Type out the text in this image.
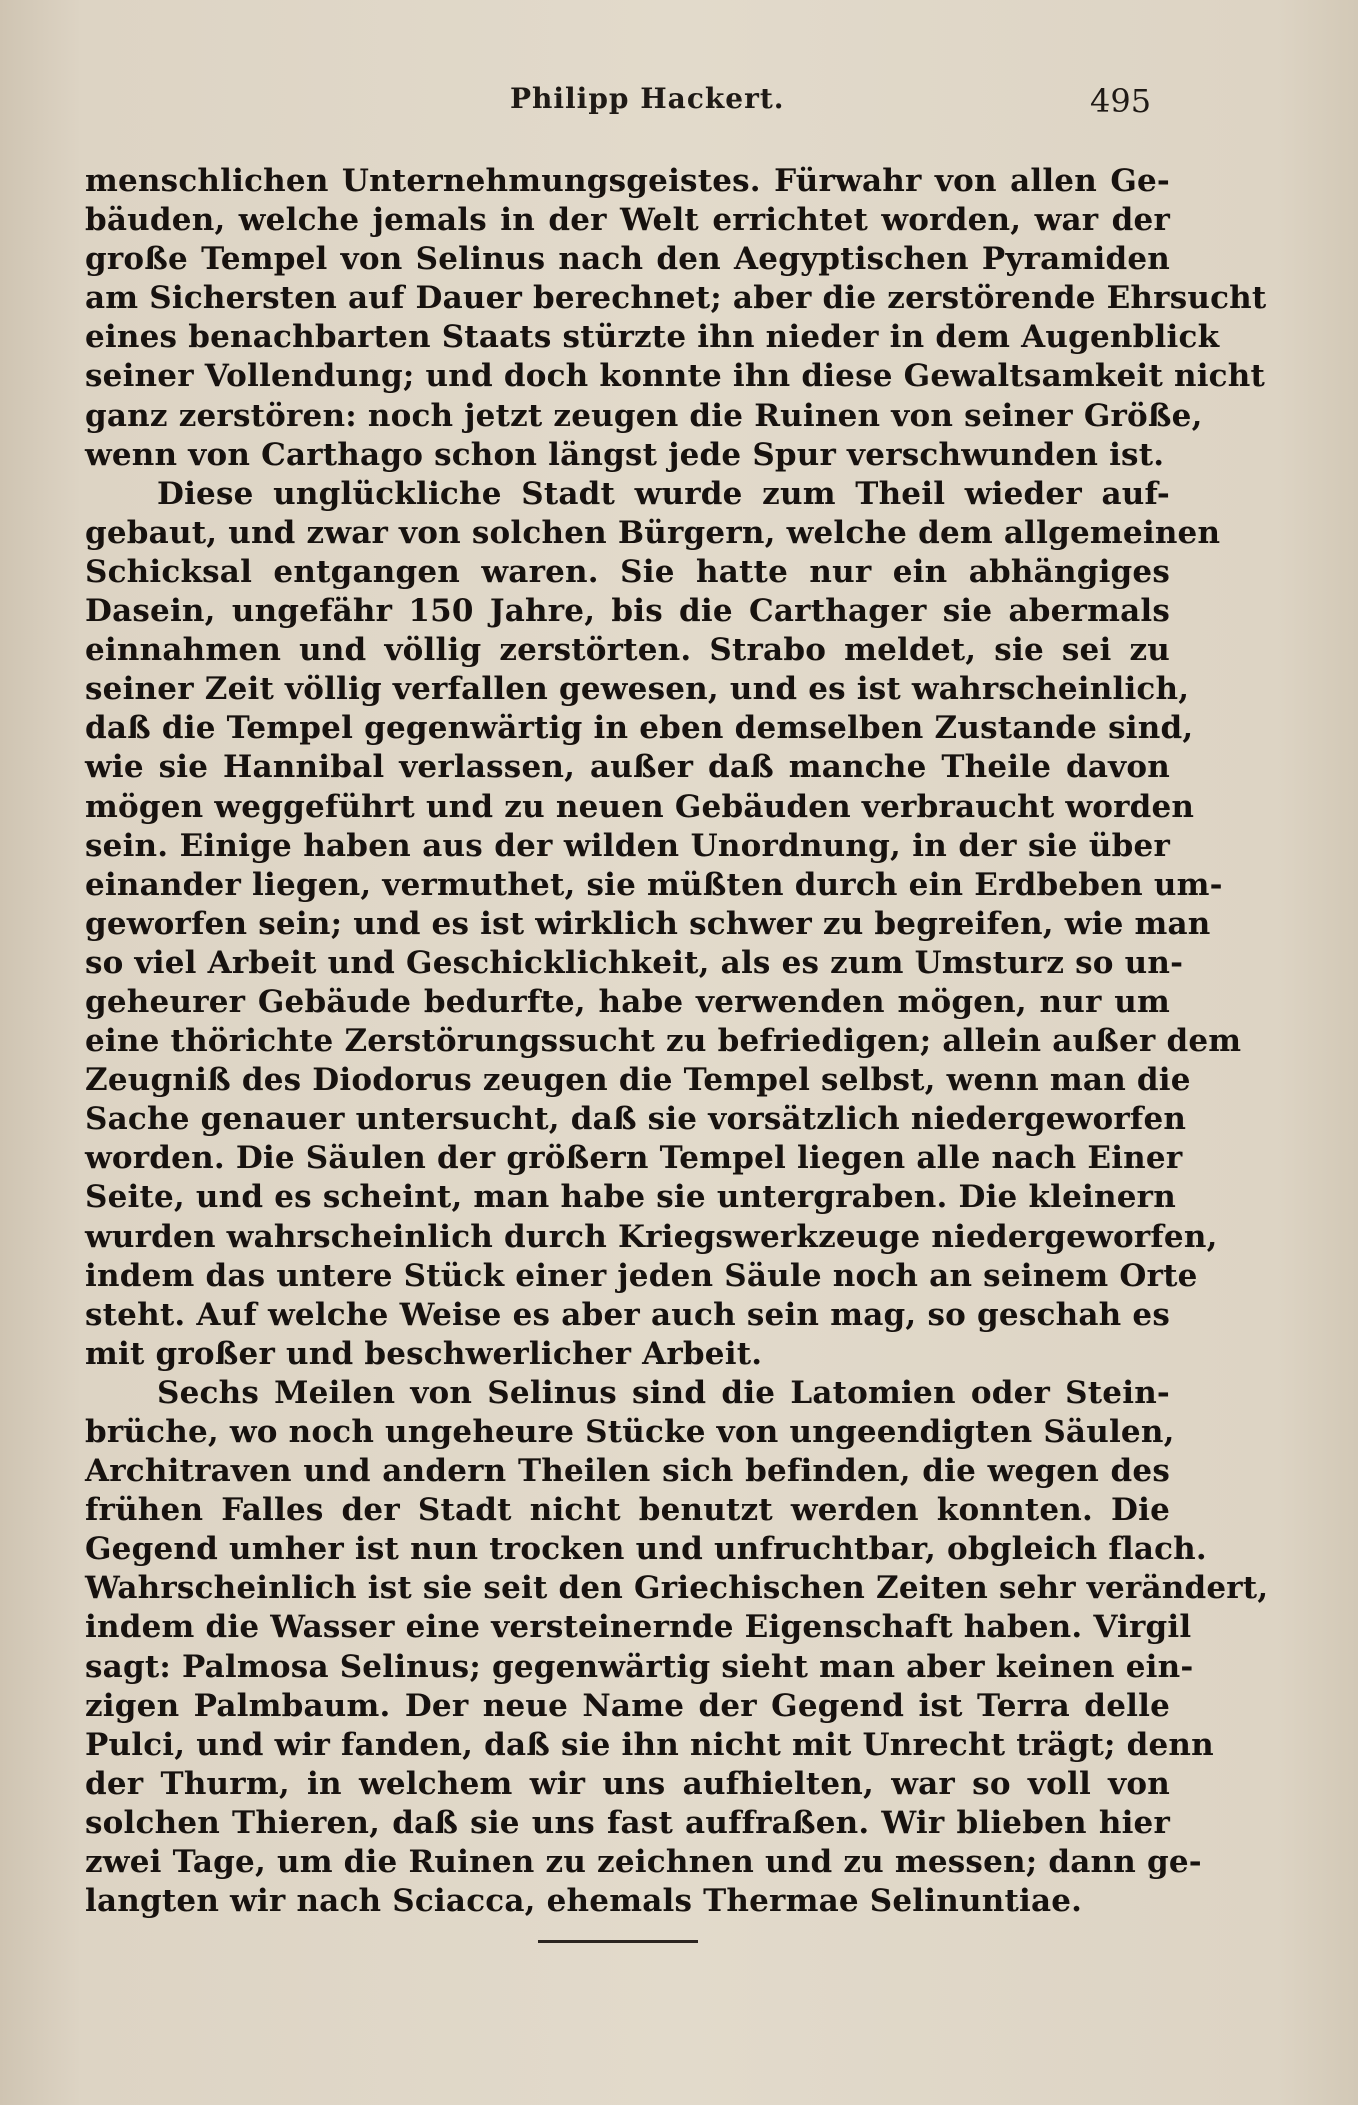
Philipp Hackert.	495
menschlichen Unternehmungsgeistes. Fürwahr von allen Ge-
bäuden, welche jemals in der Welt errichtet worden, war der
große Tempel von Selinus nach den Aegyptischen Pyramiden
am Sichersten auf Dauer berechnet; aber die zerstörende Ehrsucht
eines benachbarten Staats stürzte ihn nieder in dem Augenblick
seiner Vollendung; und doch konnte ihn diese Gewaltsamkeit nicht
ganz zerstören: noch jetzt zeugen die Ruinen von seiner Größe,
wenn von Carthago schon längst jede Spur verschwunden ist.
Diese unglückliche Stadt wurde zum Theil wieder auf-
gebaut, und zwar von solchen Bürgern, welche dem allgemeinen
Schicksal entgangen waren. Sie hatte nur ein abhängiges
Dasein, ungefähr 150 Jahre, bis die Carthager sie abermals
einnahmen und völlig zerstörten. Strabo meldet, sie sei zu
seiner Zeit völlig verfallen gewesen, und es ist wahrscheinlich,
daß die Tempel gegenwärtig in eben demselben Zustande sind,
wie sie Hannibal verlassen, außer daß manche Theile davon
mögen weggeführt und zu neuen Gebäuden verbraucht worden
sein. Einige haben aus der wilden Unordnung, in der sie über
einander liegen, vermuthet, sie müßten durch ein Erdbeben um-
geworfen sein; und es ist wirklich schwer zu begreifen, wie man
so viel Arbeit und Geschicklichkeit, als es zum Umsturz so un-
geheurer Gebäude bedurfte, habe verwenden mögen, nur um
eine thörichte Zerstörungssucht zu befriedigen; allein außer dem
Zeugniß des Diodorus zeugen die Tempel selbst, wenn man die
Sache genauer untersucht, daß sie vorsätzlich niedergeworfen
worden. Die Säulen der größern Tempel liegen alle nach Einer
Seite, und es scheint, man habe sie untergraben. Die kleinern
wurden wahrscheinlich durch Kriegswerkzeuge niedergeworfen,
indem das untere Stück einer jeden Säule noch an seinem Orte
steht. Auf welche Weise es aber auch sein mag, so geschah es
mit großer und beschwerlicher Arbeit.
Sechs Meilen von Selinus sind die Latomien oder Stein-
brüche, wo noch ungeheure Stücke von ungeendigten Säulen,
Architraven und andern Theilen sich befinden, die wegen des
frühen Falles der Stadt nicht benutzt werden konnten. Die
Gegend umher ist nun trocken und unfruchtbar, obgleich flach.
Wahrscheinlich ist sie seit den Griechischen Zeiten sehr verändert,
indem die Wasser eine versteinernde Eigenschaft haben. Virgil
sagt: Palmosa Selinus; gegenwärtig sieht man aber keinen ein-
zigen Palmbaum. Der neue Name der Gegend ist Terra delle
Pulci, und wir fanden, daß sie ihn nicht mit Unrecht trägt; denn
der Thurm, in welchem wir uns aufhielten, war so voll von
solchen Thieren, daß sie uns fast auffraßen. Wir blieben hier
zwei Tage, um die Ruinen zu zeichnen und zu messen; dann ge-
langten wir nach Sciacca, ehemals Thermae Selinuntiae.
